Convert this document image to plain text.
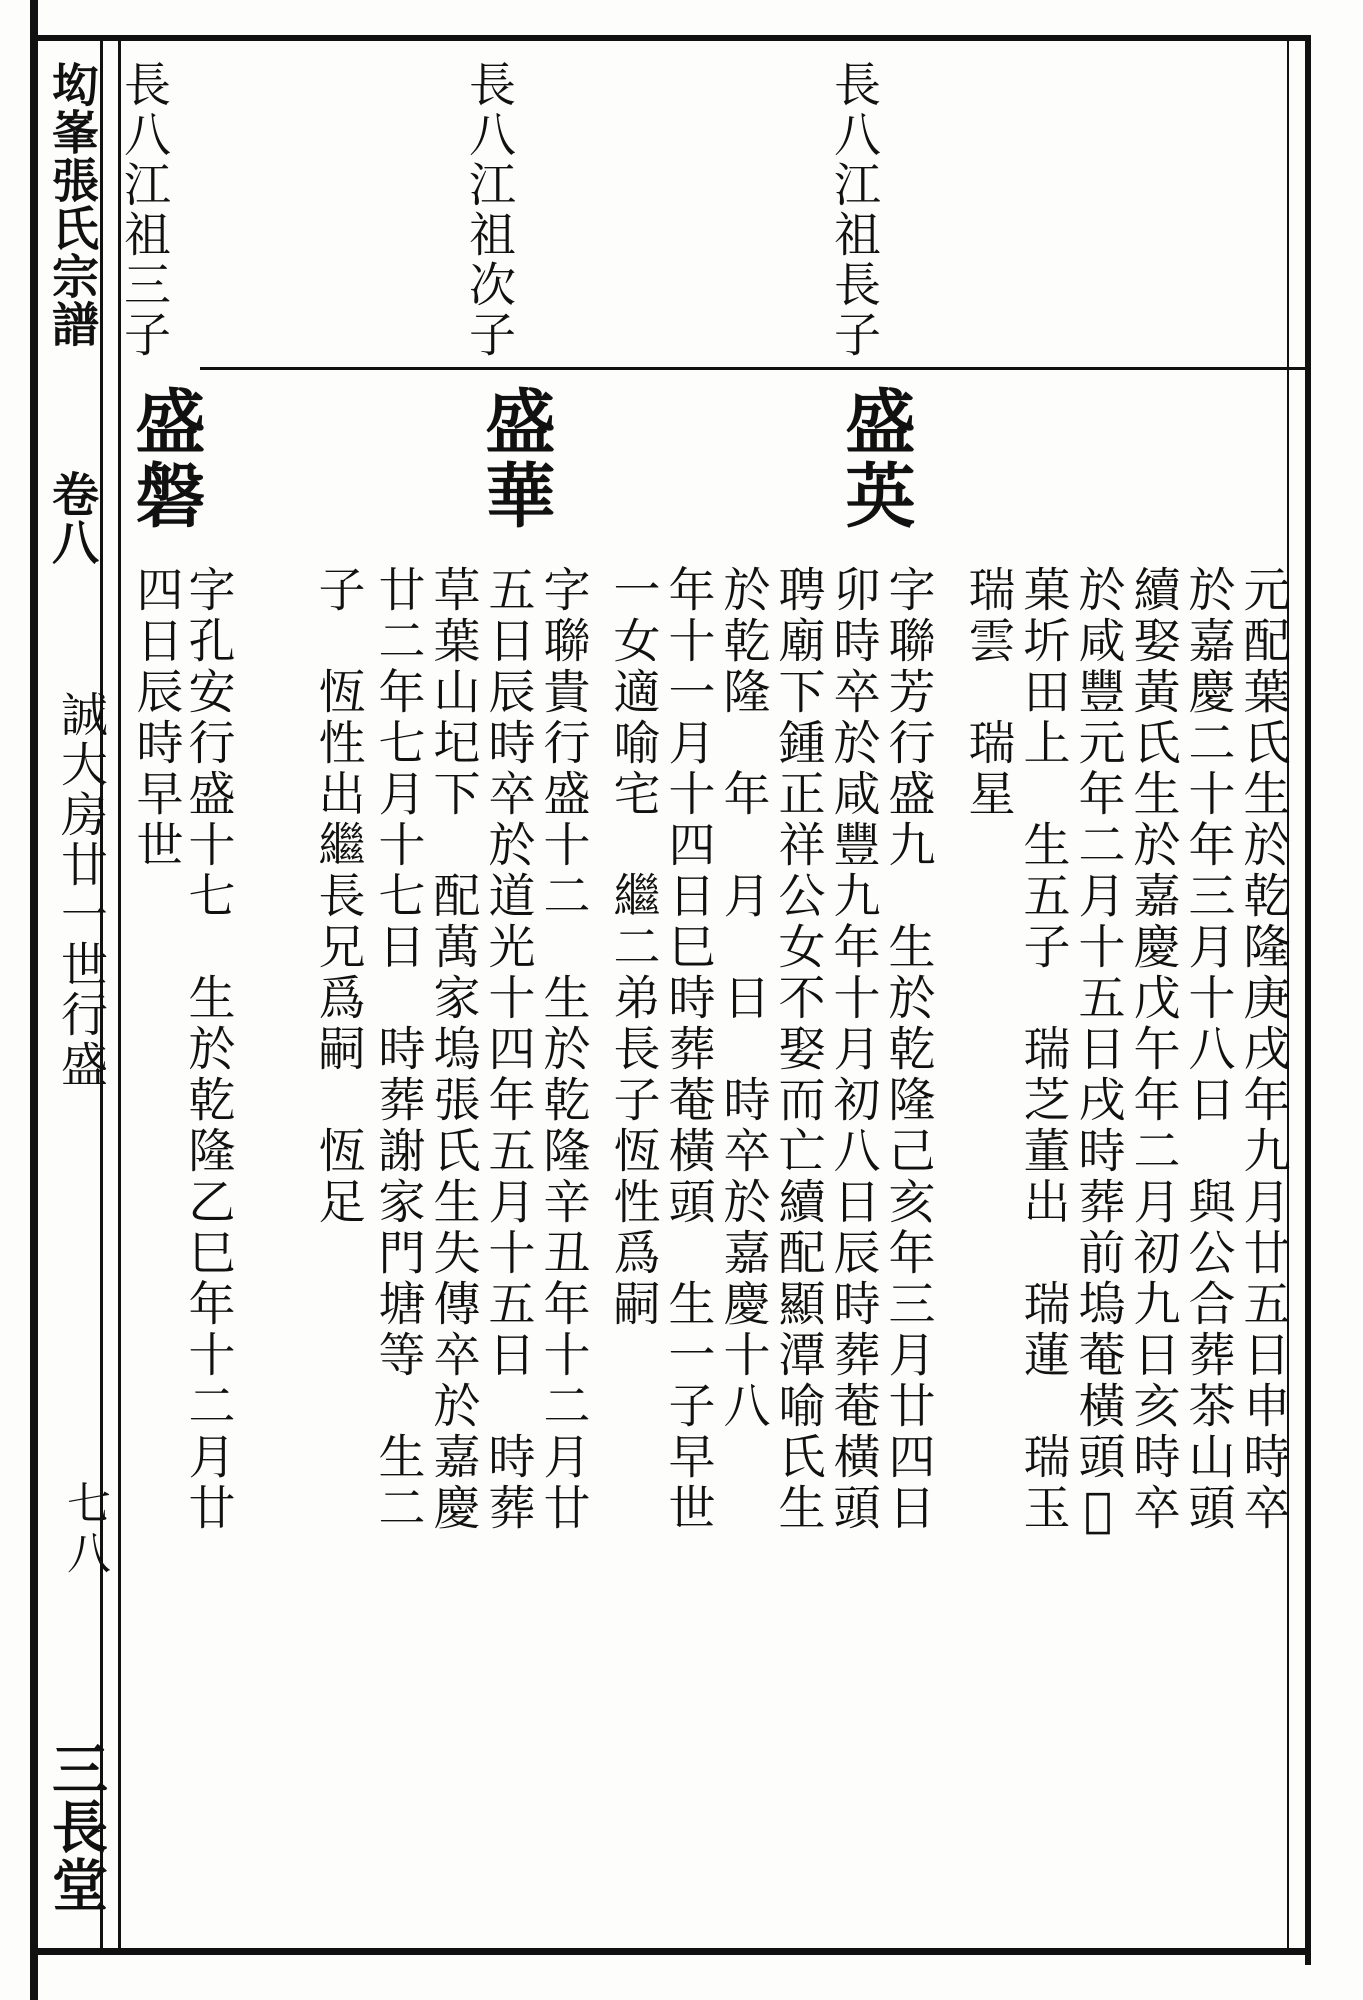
㘭峯張氏宗譜
卷八
誠大房廿一世行盛
七八
三長堂
長八江祖長子
長八江祖次子
長八江祖三子
元配葉氏生於乾隆庚戌年九月廿五日申時卒
於嘉慶二十年三月十八日　與公合葬茶山頭
續娶黃氏生於嘉慶戊午年二月初九日亥時卒
於咸豐元年二月十五日戌時葬前塢菴橫頭𪡏
菓圻田上　生五子　瑞芝董出　瑞蓮　瑞玉
瑞雲　瑞星
盛英
字聯芳行盛九　生於乾隆己亥年三月廿四日
卯時卒於咸豐九年十月初八日辰時葬菴橫頭
聘廟下鍾正祥公女不娶而亡續配顯潭喻氏生
於乾隆　年　月　日　時卒於嘉慶十八
年十一月十四日巳時葬菴橫頭　生一子早世
一女適喻宅　繼二弟長子恆性爲嗣
盛華
字聯貴行盛十二　生於乾隆辛丑年十二月廿
五日辰時卒於道光十四年五月十五日　時葬
草葉山𡉏下　配萬家塢張氏生失傳卒於嘉慶
廿二年七月十七日　時葬謝家門塘等　生二
子　恆性出繼長兄爲嗣　恆足
盛磐
字孔安行盛十七　生於乾隆乙巳年十二月廿
四日辰時早世
